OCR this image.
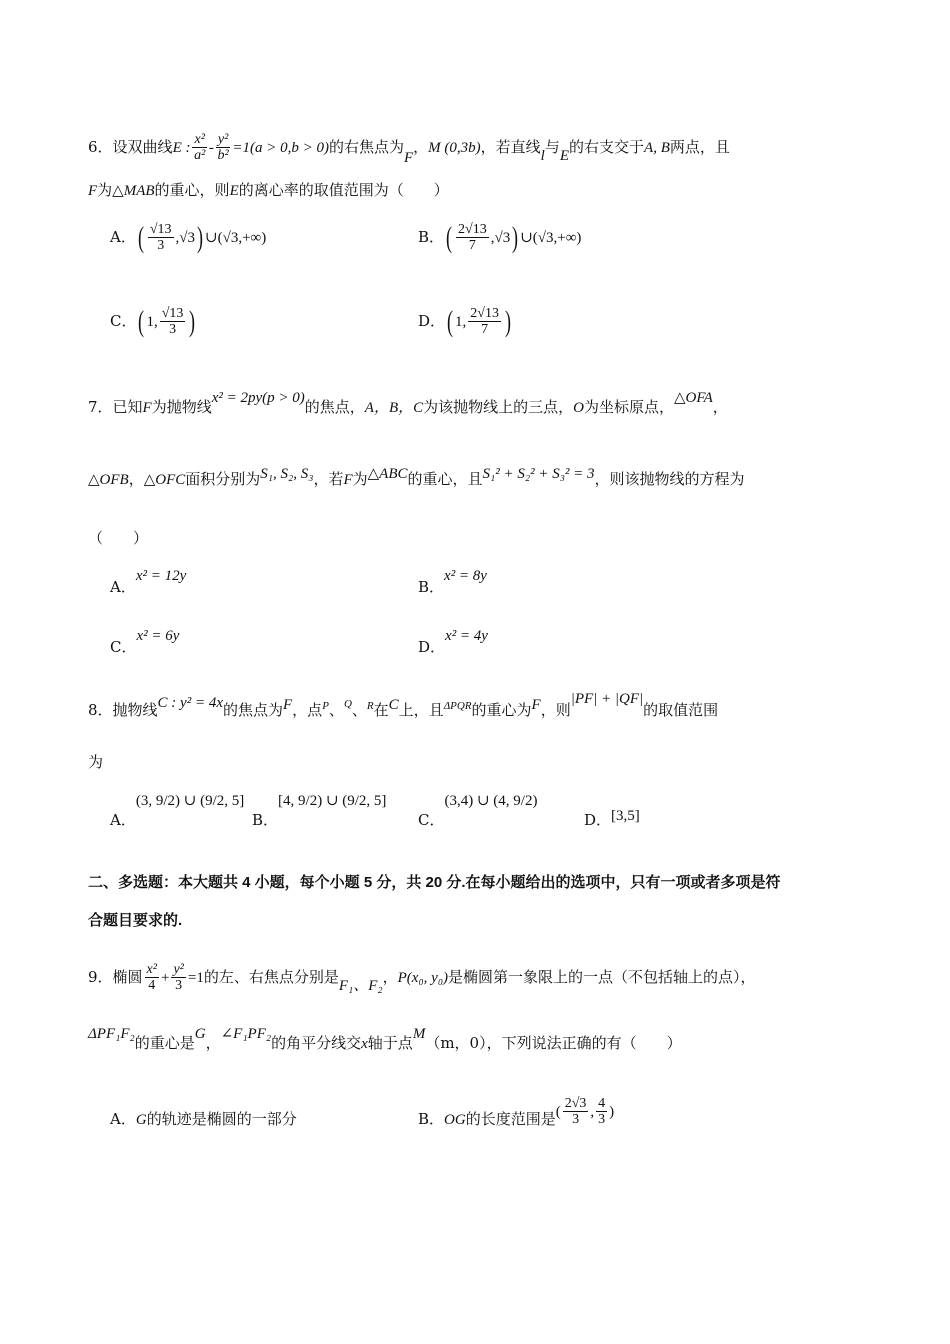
6．设双曲线E : $\frac{\text{x²}}{\text{a²}} - \frac{\text{y²}}{\text{b²}} =1(a > 0,b > 0)$的右焦点为F，M (0,3b)，若直线l与E的右支交于A, B两点，且
F为△MAB的重心，则E的离心率的取值范围为（　　）
A．( $\frac{√13}{3} ,√3$) ∪(√3,+∞)	B．( $\frac{2√13}{7} ,√3$) ∪(√3,+∞)
C．( 1, $\frac{√13}{3}$ )	D．( 1, $\frac{2√13}{7}$ )
7．已知F为抛物线x² = 2py(p > 0)的焦点，A，B，C为该抛物线上的三点，O为坐标原点，△OFA，
△OFB，△OFC面积分别为S₁, S₂, S₃，若F为△ABC的重心，且S₁² + S₂² + S₃² = 3，则该抛物线的方程为
（　　）
A．x² = 12y
B．x² = 8y
C．x² = 6y
D．x² = 4y
8．抛物线C : y² = 4x的焦点为F，点$^P$、$^Q$、$^R$在C上，且$^{\Delta PQR}$的重心为F，则|PF| + |QF|的取值范围
为
A．(3, 9/2) ∪ (9/2, 5]
B．[4, 9/2) ∪ (9/2, 5]
C．(3,4) ∪ (4, 9/2)
D．[3,5]
二、多选题：本大题共 4 小题，每个小题 5 分，共 20 分.在每小题给出的选项中，只有一项或者多项是符
合题目要求的.
9．椭圆 $\frac{\text{x²}}{4} + \frac{\text{y²}}{3} =1$的左、右焦点分别是F₁、F₂，P(x₀, y₀)是椭圆第一象限上的一点（不包括轴上的点），
ΔPF₁F₂的重心是G，∠F₁PF₂的角平分线交x轴于点M（m，0），下列说法正确的有（　　）
A．G的轨迹是椭圆的一部分	B．OG的长度范围是( $\frac{2√3}{3}$ , $\frac{4}{3}$ )
